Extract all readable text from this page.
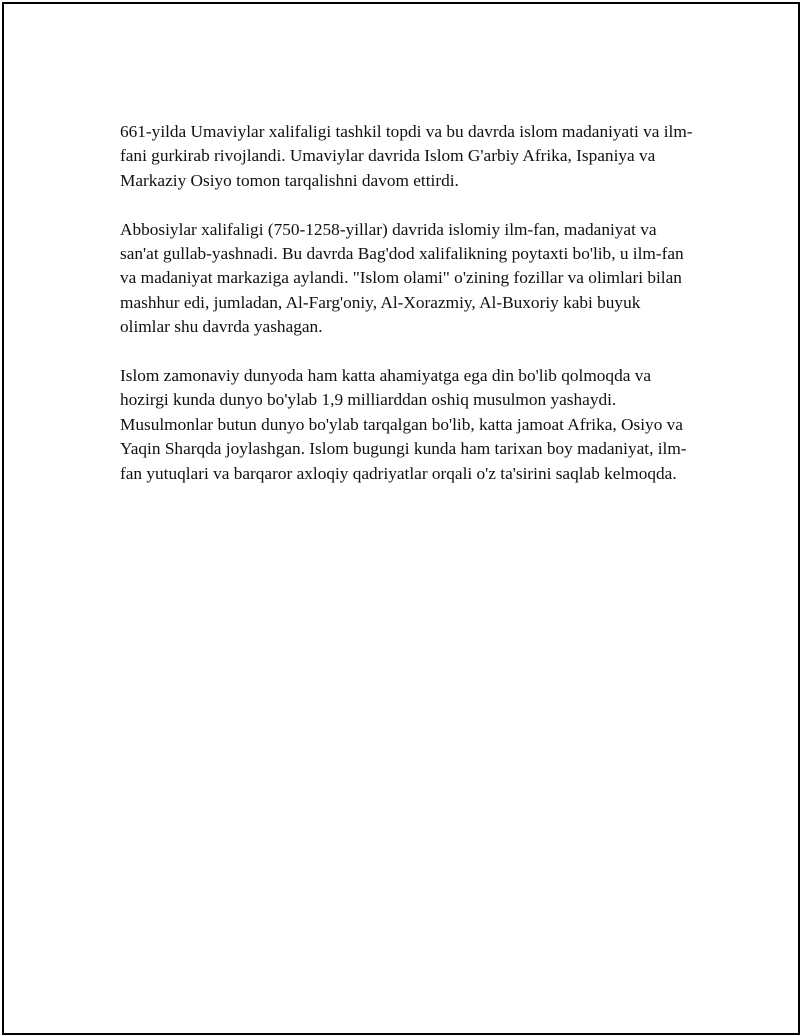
661-yilda Umaviylar xalifaligi tashkil topdi va bu davrda islom madaniyati va ilm-fani gurkirab rivojlandi. Umaviylar davrida Islom G'arbiy Afrika, Ispaniya va Markaziy Osiyo tomon tarqalishni davom ettirdi.

Abbosiylar xalifaligi (750-1258-yillar) davrida islomiy ilm-fan, madaniyat va san'at gullab-yashnadi. Bu davrda Bag'dod xalifalikning poytaxti bo'lib, u ilm-fan va madaniyat markaziga aylandi. "Islom olami" o'zining fozillar va olimlari bilan mashhur edi, jumladan, Al-Farg'oniy, Al-Xorazmiy, Al-Buxoriy kabi buyuk olimlar shu davrda yashagan.

Islom zamonaviy dunyoda ham katta ahamiyatga ega din bo'lib qolmoqda va hozirgi kunda dunyo bo'ylab 1,9 milliarddan oshiq musulmon yashaydi. Musulmonlar butun dunyo bo'ylab tarqalgan bo'lib, katta jamoat Afrika, Osiyo va Yaqin Sharqda joylashgan. Islom bugungi kunda ham tarixan boy madaniyat, ilm-fan yutuqlari va barqaror axloqiy qadriyatlar orqali o'z ta'sirini saqlab kelmoqda.
